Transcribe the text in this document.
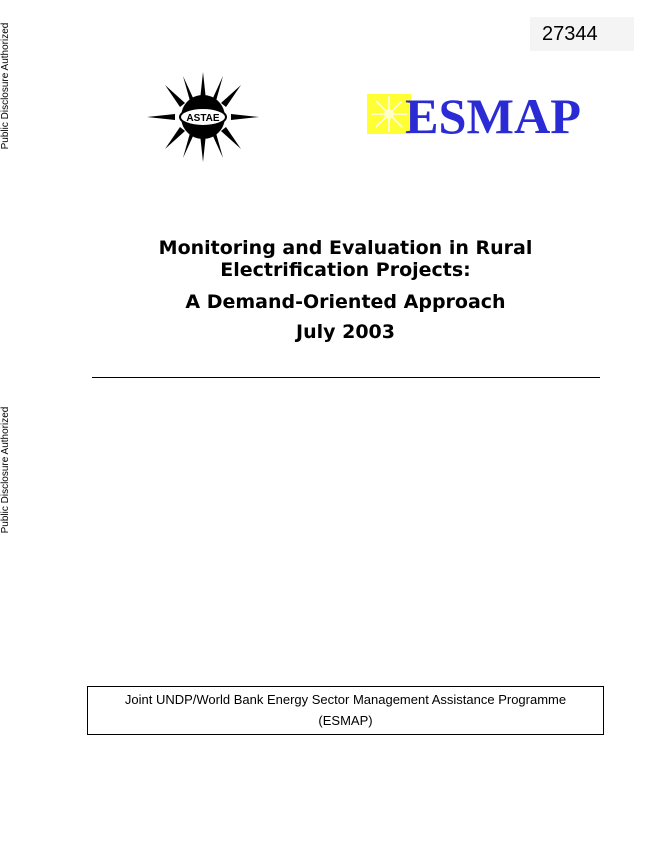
Public Disclosure Authorized
Public Disclosure Authorized
27344
ASTAE	ESMAP
Monitoring and Evaluation in Rural Electrification Projects:
A Demand-Oriented Approach
July 2003
Joint UNDP/World Bank Energy Sector Management Assistance Programme
(ESMAP)
